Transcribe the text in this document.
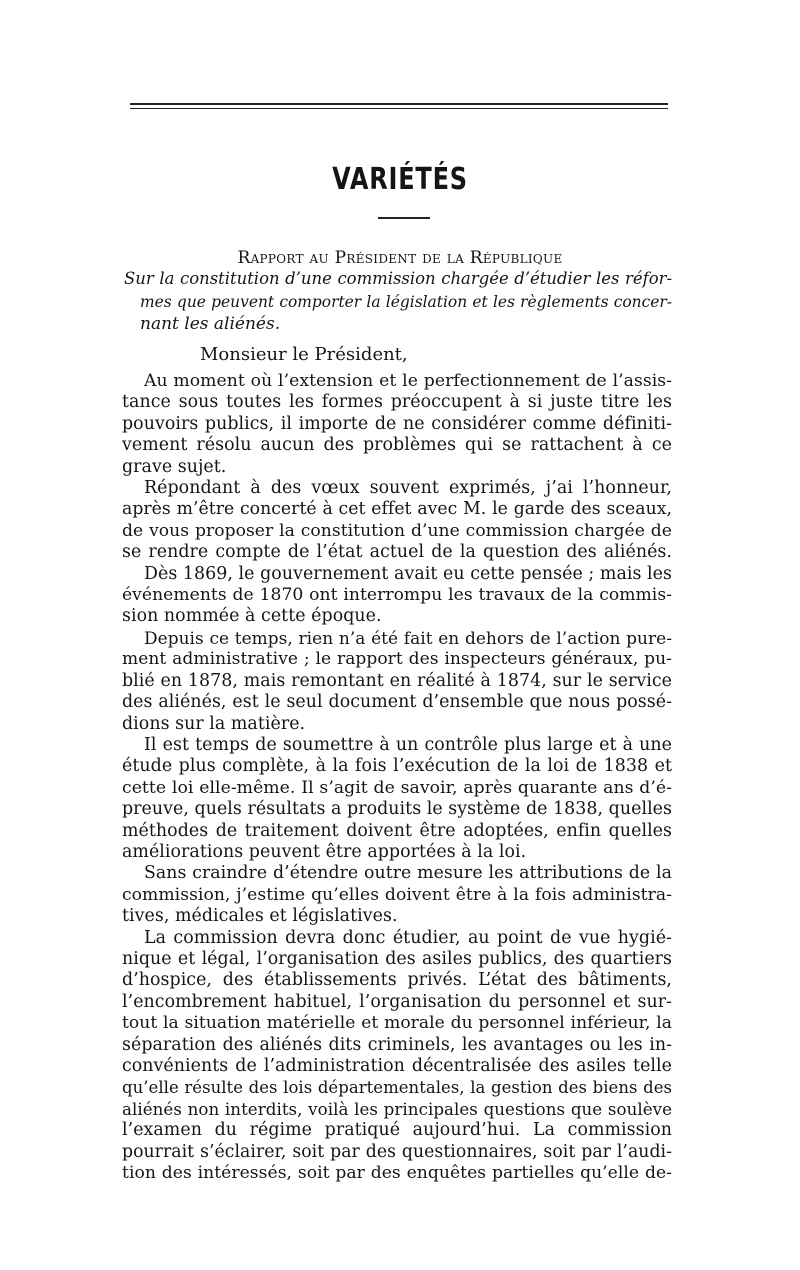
VARIÉTÉS
Rapport au Président de la République
Sur la constitution d’une commission chargée d’étudier les réfor-
mes que peuvent comporter la législation et les règlements concer-
nant les aliénés.
Monsieur le Président,
Au moment où l’extension et le perfectionnement de l’assis-
tance sous toutes les formes préoccupent à si juste titre les
pouvoirs publics, il importe de ne considérer comme définiti-
vement résolu aucun des problèmes qui se rattachent à ce
grave sujet.
Répondant à des vœux souvent exprimés, j’ai l’honneur,
après m’être concerté à cet effet avec M. le garde des sceaux,
de vous proposer la constitution d’une commission chargée de
se rendre compte de l’état actuel de la question des aliénés.
Dès 1869, le gouvernement avait eu cette pensée ; mais les
événements de 1870 ont interrompu les travaux de la commis-
sion nommée à cette époque.
Depuis ce temps, rien n’a été fait en dehors de l’action pure-
ment administrative ; le rapport des inspecteurs généraux, pu-
blié en 1878, mais remontant en réalité à 1874, sur le service
des aliénés, est le seul document d’ensemble que nous possé-
dions sur la matière.
Il est temps de soumettre à un contrôle plus large et à une
étude plus complète, à la fois l’exécution de la loi de 1838 et
cette loi elle-même. Il s’agit de savoir, après quarante ans d’é-
preuve, quels résultats a produits le système de 1838, quelles
méthodes de traitement doivent être adoptées, enfin quelles
améliorations peuvent être apportées à la loi.
Sans craindre d’étendre outre mesure les attributions de la
commission, j’estime qu’elles doivent être à la fois administra-
tives, médicales et législatives.
La commission devra donc étudier, au point de vue hygié-
nique et légal, l’organisation des asiles publics, des quartiers
d’hospice, des établissements privés. L’état des bâtiments,
l’encombrement habituel, l’organisation du personnel et sur-
tout la situation matérielle et morale du personnel inférieur, la
séparation des aliénés dits criminels, les avantages ou les in-
convénients de l’administration décentralisée des asiles telle
qu’elle résulte des lois départementales, la gestion des biens des
aliénés non interdits, voilà les principales questions que soulève
l’examen du régime pratiqué aujourd’hui. La commission
pourrait s’éclairer, soit par des questionnaires, soit par l’audi-
tion des intéressés, soit par des enquêtes partielles qu’elle de-
